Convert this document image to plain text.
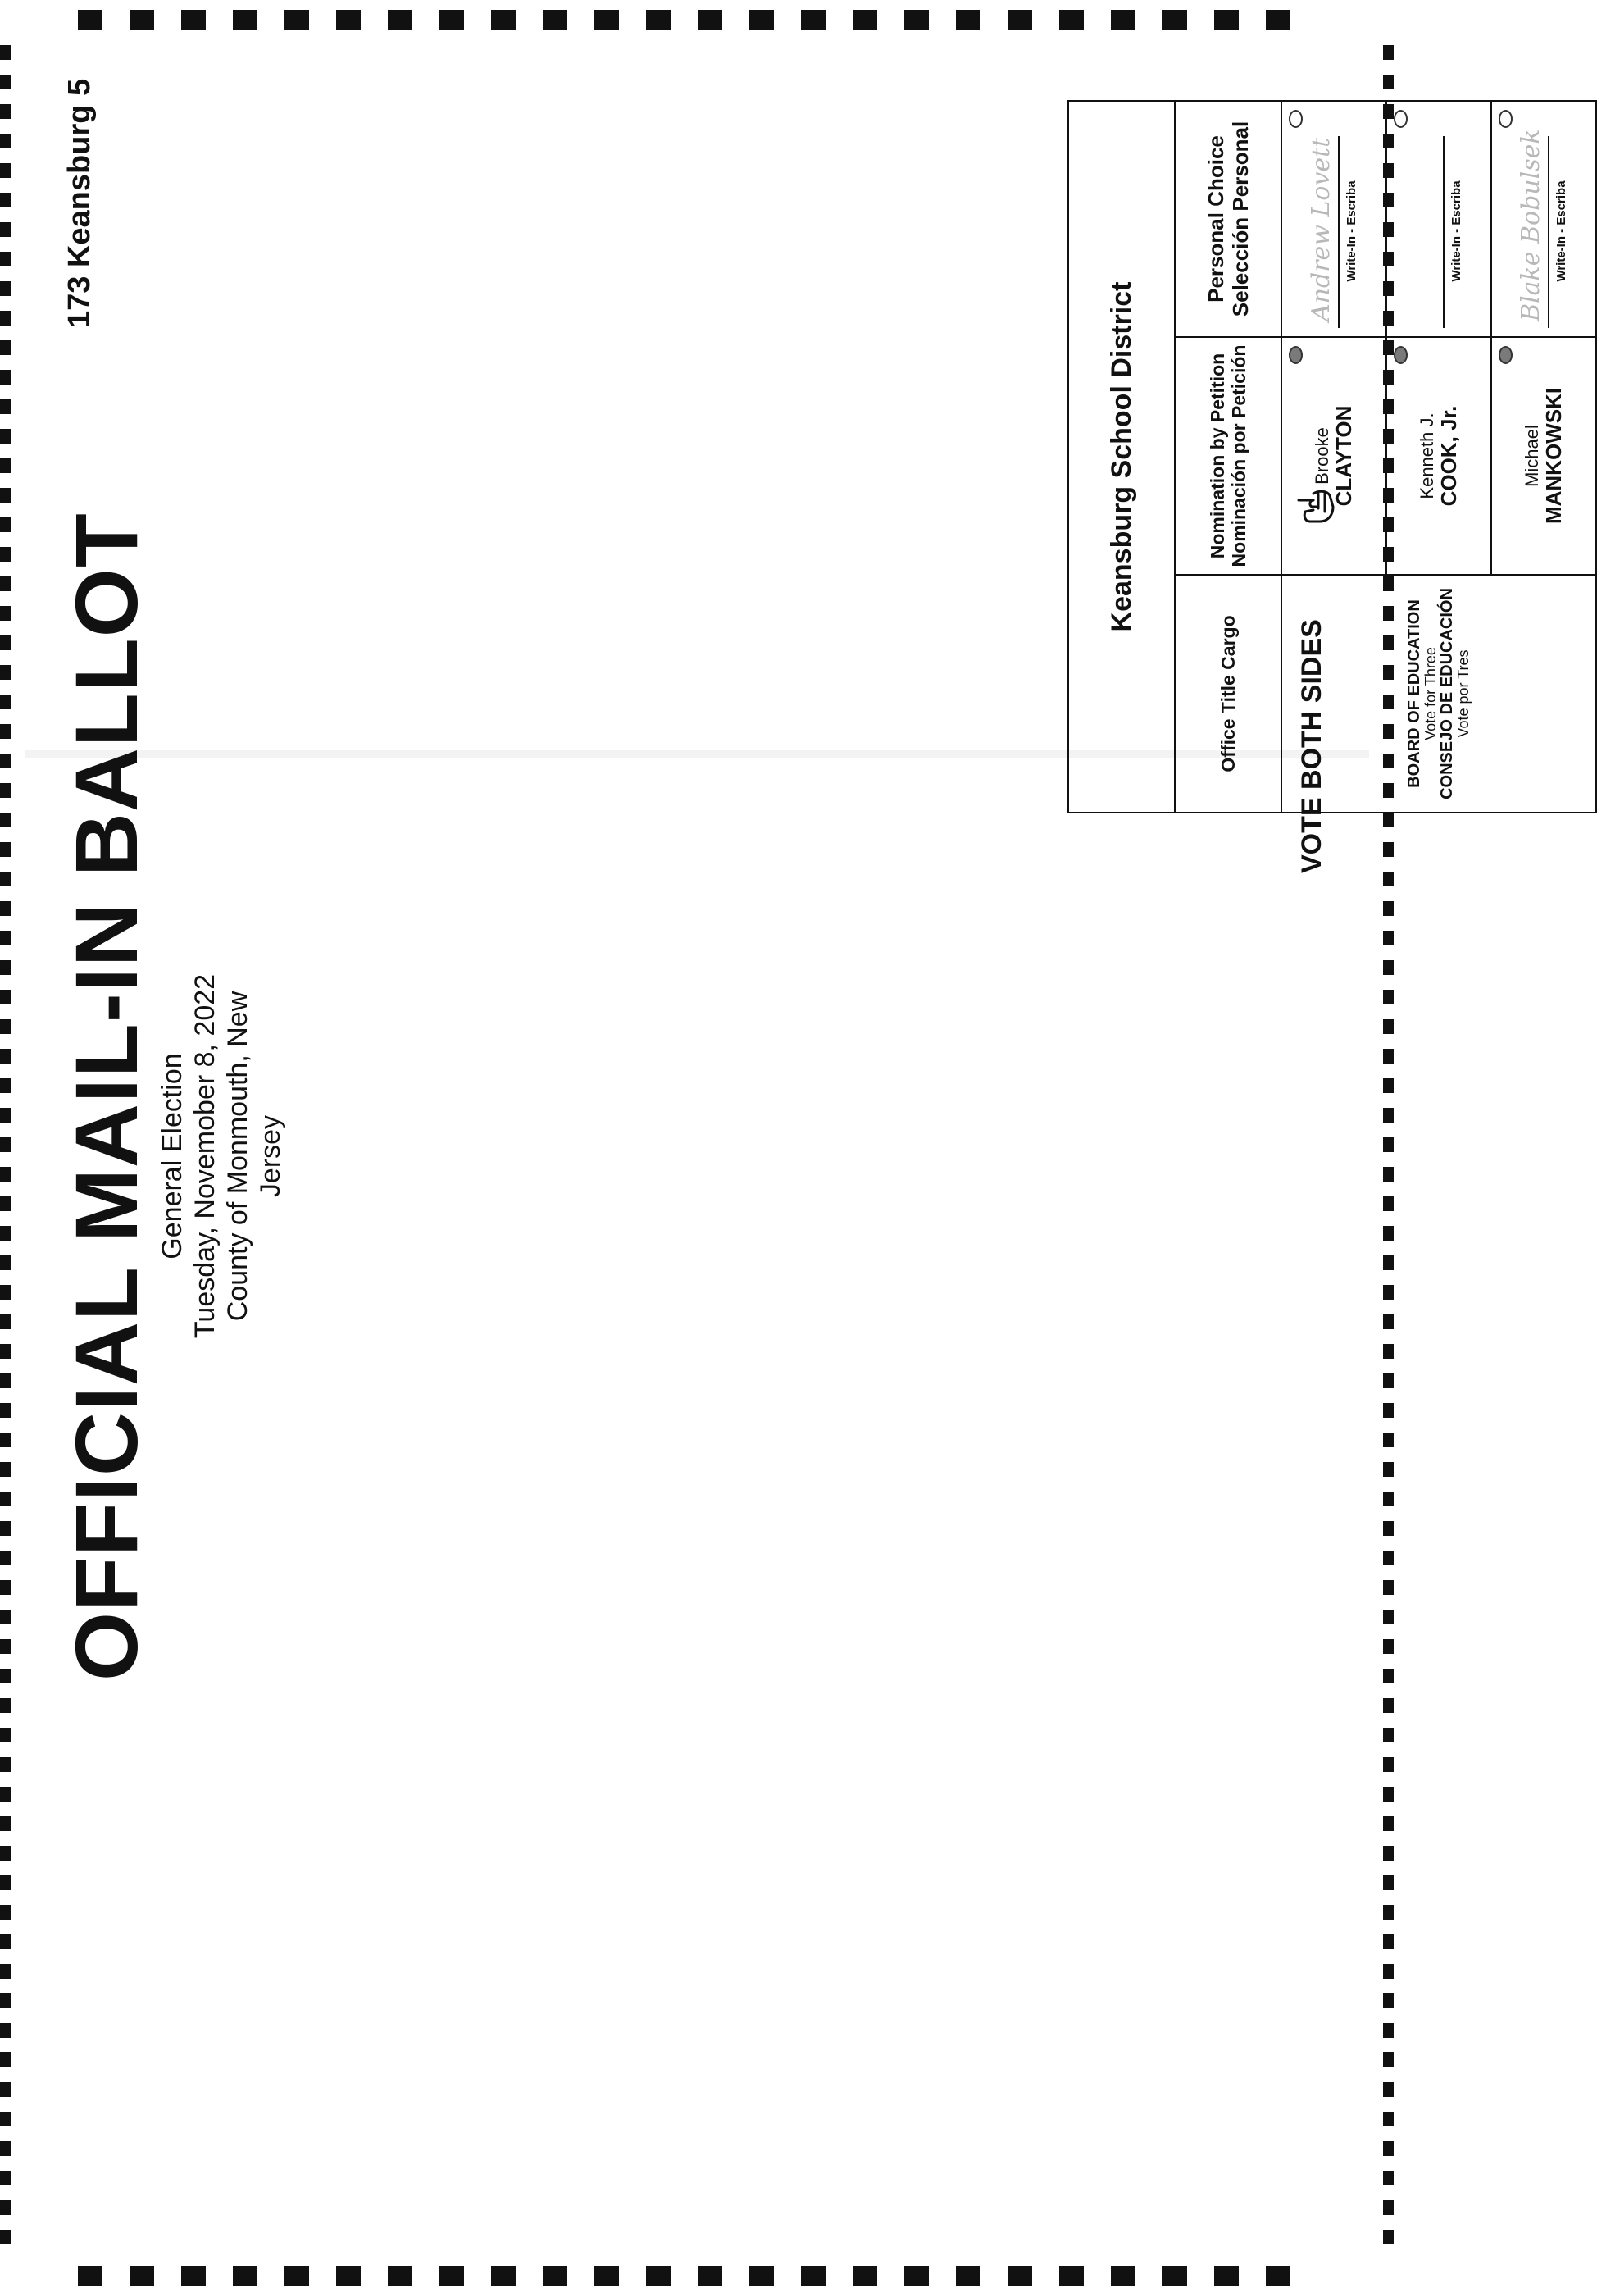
173 Keansburg 5
OFFICIAL MAIL-IN BALLOT General Election Tuesday, Novemober 8, 2022 County of Monmouth, New Jersey
VOTE BOTH SIDES
Keansburg School District
Office Title Cargo
Nomination by Petition Nominación por Petición
Personal Choice Selección Personal
BOARD OF EDUCATION Vote for Three CONSEJO DE EDUCACIÓN Vote por Tres
Brooke CLAYTON
Andrew Lovett Write-In - Escriba
Kenneth J. COOK, Jr.
Write-In - Escriba
Michael MANKOWSKI
Blake Bobulsek Write-In - Escriba
